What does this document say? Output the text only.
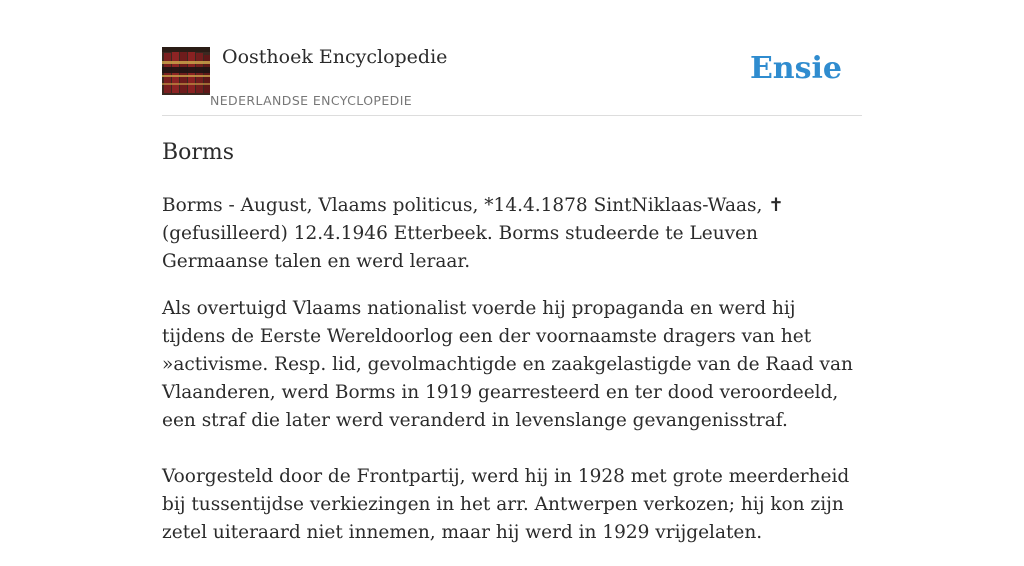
Oosthoek Encyclopedie
NEDERLANDSE ENCYCLOPEDIE
Ensie
Borms

Borms - August, Vlaams politicus, *14.4.1878 SintNiklaas-Waas, ✝ (gefusilleerd) 12.4.1946 Etterbeek. Borms studeerde te Leuven Germaanse talen en werd leraar.

Als overtuigd Vlaams nationalist voerde hij propaganda en werd hij tijdens de Eerste Wereldoorlog een der voornaamste dragers van het »activisme. Resp. lid, gevolmachtigde en zaakgelastigde van de Raad van Vlaanderen, werd Borms in 1919 gearresteerd en ter dood veroordeeld, een straf die later werd veranderd in levenslange gevangenisstraf.

Voorgesteld door de Frontpartij, werd hij in 1928 met grote meerderheid bij tussentijdse verkiezingen in het arr. Antwerpen verkozen; hij kon zijn zetel uiteraard niet innemen, maar hij werd in 1929 vrijgelaten.
